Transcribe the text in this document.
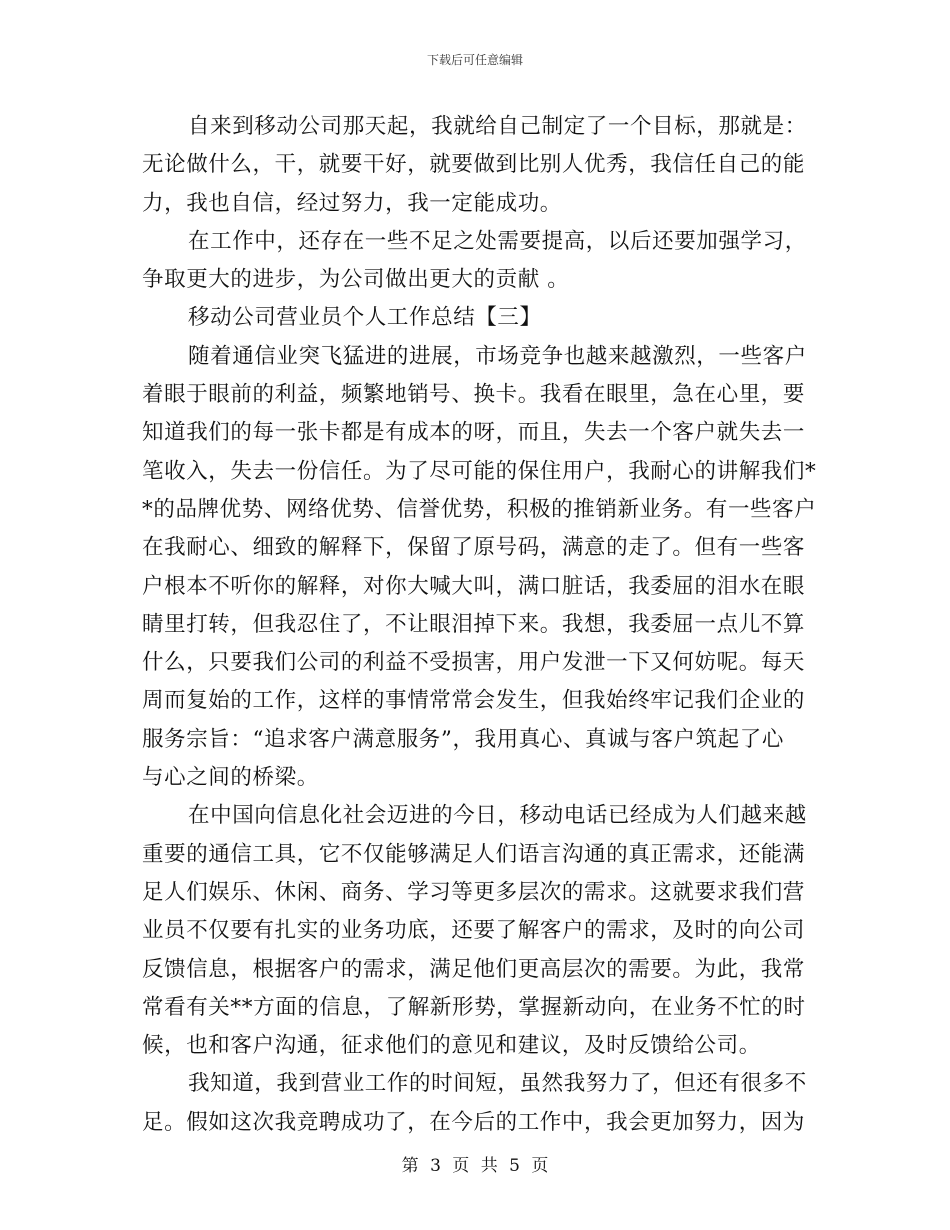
下载后可任意编辑
自来到移动公司那天起，我就给自己制定了一个目标，那就是：
无论做什么，干，就要干好，就要做到比别人优秀，我信任自己的能
力，我也自信，经过努力，我一定能成功。
在工作中，还存在一些不足之处需要提高，以后还要加强学习，
争取更大的进步，为公司做出更大的贡献 。
移动公司营业员个人工作总结【三】
随着通信业突飞猛进的进展，市场竞争也越来越激烈，一些客户
着眼于眼前的利益，频繁地销号、换卡。我看在眼里，急在心里，要
知道我们的每一张卡都是有成本的呀，而且，失去一个客户就失去一
笔收入，失去一份信任。为了尽可能的保住用户，我耐心的讲解我们*
*的品牌优势、网络优势、信誉优势，积极的推销新业务。有一些客户
在我耐心、细致的解释下，保留了原号码，满意的走了。但有一些客
户根本不听你的解释，对你大喊大叫，满口脏话，我委屈的泪水在眼
睛里打转，但我忍住了，不让眼泪掉下来。我想，我委屈一点儿不算
什么，只要我们公司的利益不受损害，用户发泄一下又何妨呢。每天
周而复始的工作，这样的事情常常会发生，但我始终牢记我们企业的
服务宗旨：“追求客户满意服务”，我用真心、真诚与客户筑起了心
与心之间的桥梁。
在中国向信息化社会迈进的今日，移动电话已经成为人们越来越
重要的通信工具，它不仅能够满足人们语言沟通的真正需求，还能满
足人们娱乐、休闲、商务、学习等更多层次的需求。这就要求我们营
业员不仅要有扎实的业务功底，还要了解客户的需求，及时的向公司
反馈信息，根据客户的需求，满足他们更高层次的需要。为此，我常
常看有关**方面的信息，了解新形势，掌握新动向，在业务不忙的时
候，也和客户沟通，征求他们的意见和建议，及时反馈给公司。
我知道，我到营业工作的时间短，虽然我努力了，但还有很多不
足。假如这次我竞聘成功了，在今后的工作中，我会更加努力，因为
第 3 页 共 5 页
